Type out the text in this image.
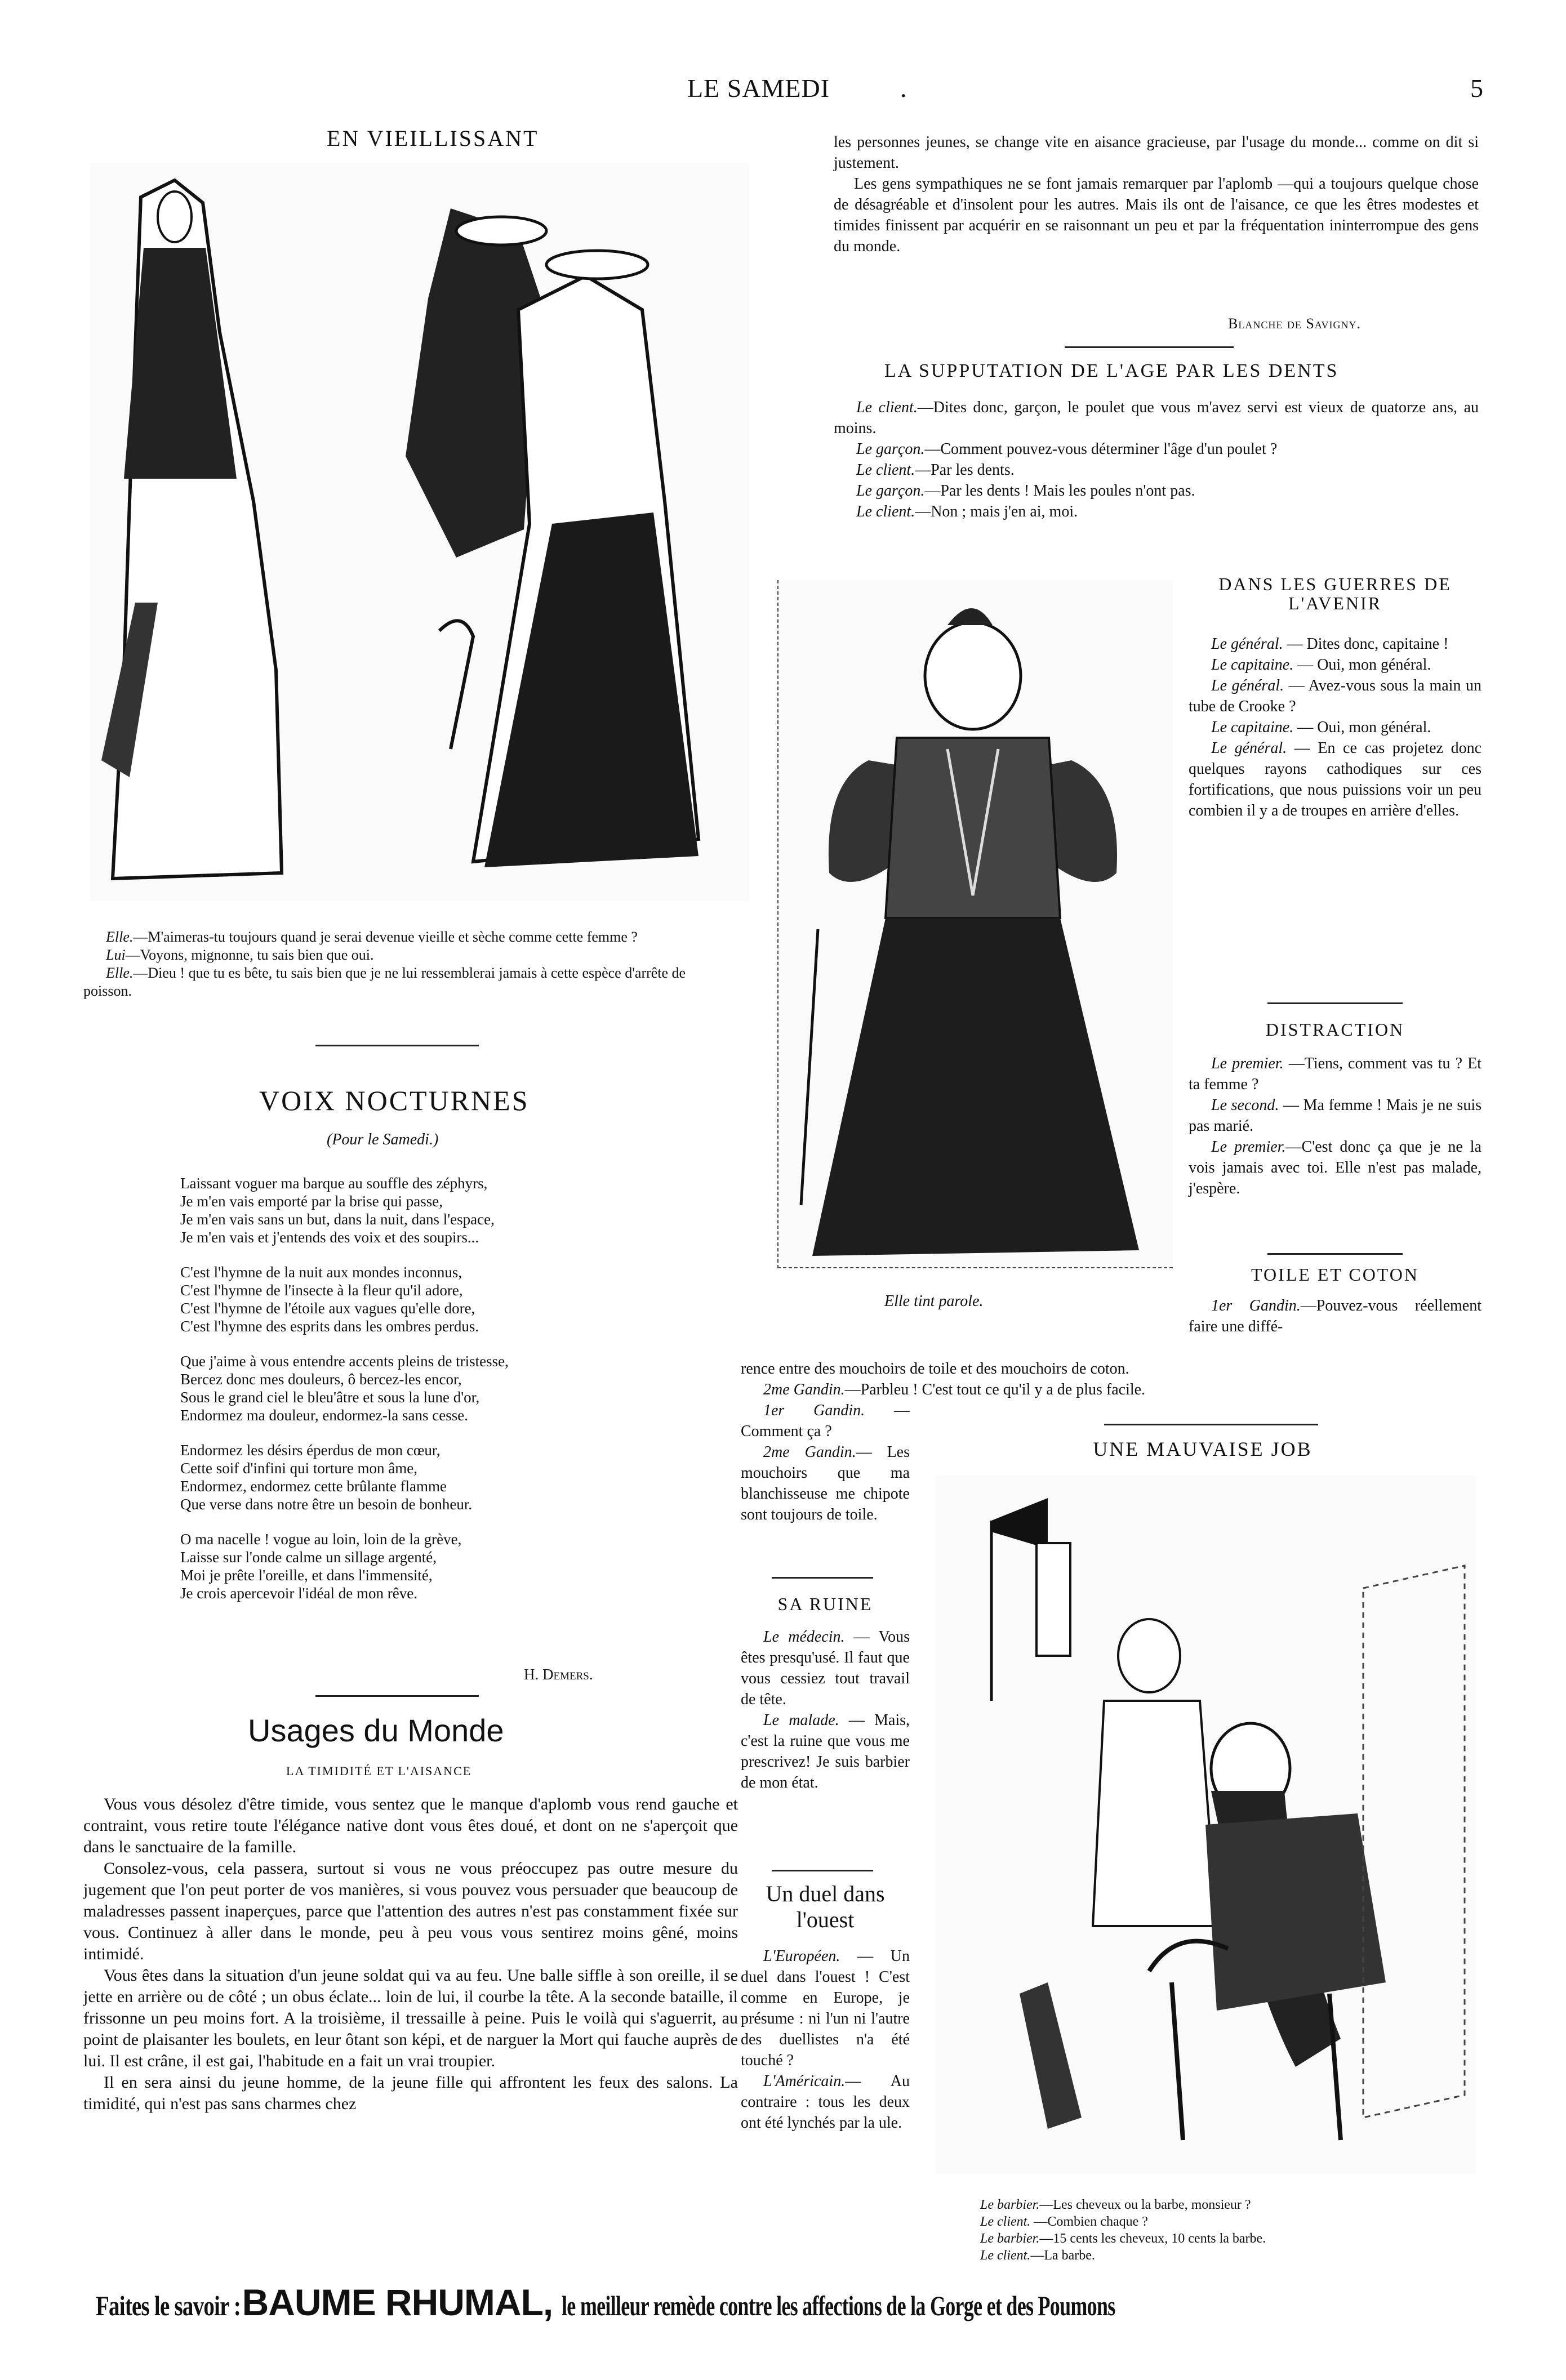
LE SAMEDI	.	5
EN VIEILLISSANT

Elle.—M'aimeras-tu toujours quand je serai devenue vieille et sèche comme cette femme ?

Lui—Voyons, mignonne, tu sais bien que oui.

Elle.—Dieu ! que tu es bête, tu sais bien que je ne lui ressemblerai jamais à cette espèce d'arrête de poisson.

VOIX NOCTURNES
(Pour le Samedi.)
Laissant voguer ma barque au souffle des zéphyrs,
Je m'en vais emporté par la brise qui passe,
Je m'en vais sans un but, dans la nuit, dans l'espace,
Je m'en vais et j'entends des voix et des soupirs...
C'est l'hymne de la nuit aux mondes inconnus,
C'est l'hymne de l'insecte à la fleur qu'il adore,
C'est l'hymne de l'étoile aux vagues qu'elle dore,
C'est l'hymne des esprits dans les ombres perdus.
Que j'aime à vous entendre accents pleins de tristesse,
Bercez donc mes douleurs, ô bercez-les encor,
Sous le grand ciel le bleu'âtre et sous la lune d'or,
Endormez ma douleur, endormez-la sans cesse.
Endormez les désirs éperdus de mon cœur,
Cette soif d'infini qui torture mon âme,
Endormez, endormez cette brûlante flamme
Que verse dans notre être un besoin de bonheur.
O ma nacelle ! vogue au loin, loin de la grève,
Laisse sur l'onde calme un sillage argenté,
Moi je prête l'oreille, et dans l'immensité,
Je crois apercevoir l'idéal de mon rêve.
H. Demers.
Usages du Monde
LA TIMIDITÉ ET L'AISANCE

Vous vous désolez d'être timide, vous sentez que le manque d'aplomb vous rend gauche et contraint, vous retire toute l'élégance native dont vous êtes doué, et dont on ne s'aperçoit que dans le sanctuaire de la famille.

Consolez-vous, cela passera, surtout si vous ne vous préoccupez pas outre mesure du jugement que l'on peut porter de vos manières, si vous pouvez vous persuader que beaucoup de maladresses passent inaperçues, parce que l'attention des autres n'est pas constamment fixée sur vous. Continuez à aller dans le monde, peu à peu vous vous sentirez moins gêné, moins intimidé.

Vous êtes dans la situation d'un jeune soldat qui va au feu. Une balle siffle à son oreille, il se jette en arrière ou de côté ; un obus éclate... loin de lui, il courbe la tête. A la seconde bataille, il frissonne un peu moins fort. A la troisième, il tressaille à peine. Puis le voilà qui s'aguerrit, au point de plaisanter les boulets, en leur ôtant son képi, et de narguer la Mort qui fauche auprès de lui. Il est crâne, il est gai, l'habitude en a fait un vrai troupier.

Il en sera ainsi du jeune homme, de la jeune fille qui affrontent les feux des salons. La timidité, qui n'est pas sans charmes chez

les personnes jeunes, se change vite en aisance gracieuse, par l'usage du monde... comme on dit si justement.

Les gens sympathiques ne se font jamais remarquer par l'aplomb —qui a toujours quelque chose de désagréable et d'insolent pour les autres. Mais ils ont de l'aisance, ce que les êtres modestes et timides finissent par acquérir en se raisonnant un peu et par la fréquentation ininterrompue des gens du monde.

Blanche de Savigny.
LA SUPPUTATION DE L'AGE PAR LES DENTS

Le client.—Dites donc, garçon, le poulet que vous m'avez servi est vieux de quatorze ans, au moins.

Le garçon.—Comment pouvez-vous déterminer l'âge d'un poulet ?

Le client.—Par les dents.

Le garçon.—Par les dents ! Mais les poules n'ont pas.

Le client.—Non ; mais j'en ai, moi.

Elle tint parole.
DANS LES GUERRES DE L'AVENIR

Le général. — Dites donc, capitaine !

Le capitaine. — Oui, mon général.

Le général. — Avez-vous sous la main un tube de Crooke ?

Le capitaine. — Oui, mon général.

Le général. — En ce cas projetez donc quelques rayons cathodiques sur ces fortifications, que nous puissions voir un peu combien il y a de troupes en arrière d'elles.

DISTRACTION

Le premier. —Tiens, comment vas tu ? Et ta femme ?

Le second. — Ma femme ! Mais je ne suis pas marié.

Le premier.—C'est donc ça que je ne la vois jamais avec toi. Elle n'est pas malade, j'espère.

TOILE ET COTON
1er Gandin.—Pouvez-vous réellement faire une diffé-

rence entre des mouchoirs de toile et des mouchoirs de coton.

2me Gandin.—Parbleu ! C'est tout ce qu'il y a de plus facile.

1er Gandin. — Comment ça ?

2me Gandin.— Les mouchoirs que ma blanchisseuse me chipote sont toujours de toile.

SA RUINE

Le médecin. — Vous êtes presqu'usé. Il faut que vous cessiez tout travail de tête.

Le malade. — Mais, c'est la ruine que vous me prescrivez! Je suis barbier de mon état.

Un duel dans
l'ouest

L'Européen. — Un duel dans l'ouest ! C'est comme en Europe, je présume : ni l'un ni l'autre des duellistes n'a été touché ?

L'Américain.— Au contraire : tous les deux ont été lynchés par la ule.

UNE MAUVAISE JOB

Le barbier.—Les cheveux ou la barbe, monsieur ?

Le client. —Combien chaque ?

Le barbier.—15 cents les cheveux, 10 cents la barbe.

Le client.—La barbe.

Faites le savoir :BAUME RHUMAL, le meilleur remède contre les affections de la Gorge et des Poumons
